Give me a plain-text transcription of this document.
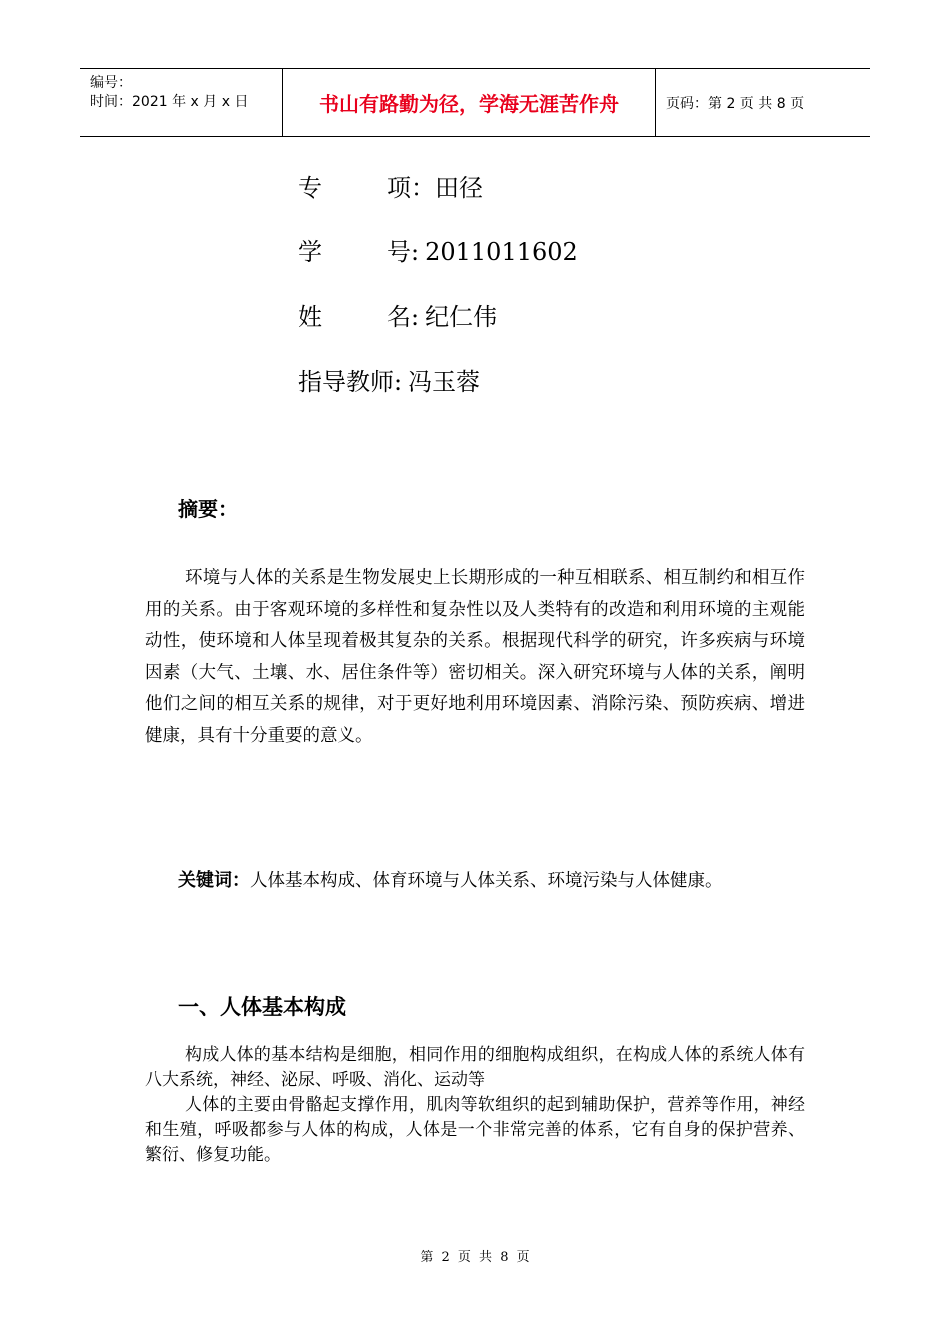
编号：
时间：2021 年 x 月 x 日	书山有路勤为径，学海无涯苦作舟	页码：第 2 页 共 8 页
专	项 ：田径
学	号 : 2011011602
姓	名 : 纪仁伟
指导教师: 冯玉蓉
摘要：

环境与人体的关系是生物发展史上长期形成的一种互相联系、相互制约和相互作用的关系。由于客观环境的多样性和复杂性以及人类特有的改造和利用环境的主观能动性，使环境和人体呈现着极其复杂的关系。根据现代科学的研究，许多疾病与环境因素（大气、土壤、水、居住条件等）密切相关。深入研究环境与人体的关系，阐明他们之间的相互关系的规律，对于更好地利用环境因素、消除污染、预防疾病、增进健康，具有十分重要的意义。

关键词：人体基本构成、体育环境与人体关系、环境污染与人体健康。
一、人体基本构成

构成人体的基本结构是细胞，相同作用的细胞构成组织，在构成人体的系统人体有八大系统，神经、泌尿、呼吸、消化、运动等

人体的主要由骨骼起支撑作用，肌肉等软组织的起到辅助保护，营养等作用，神经和生殖，呼吸都参与人体的构成，人体是一个非常完善的体系，它有自身的保护营养、繁衍、修复功能。

第 2 页 共 8 页
